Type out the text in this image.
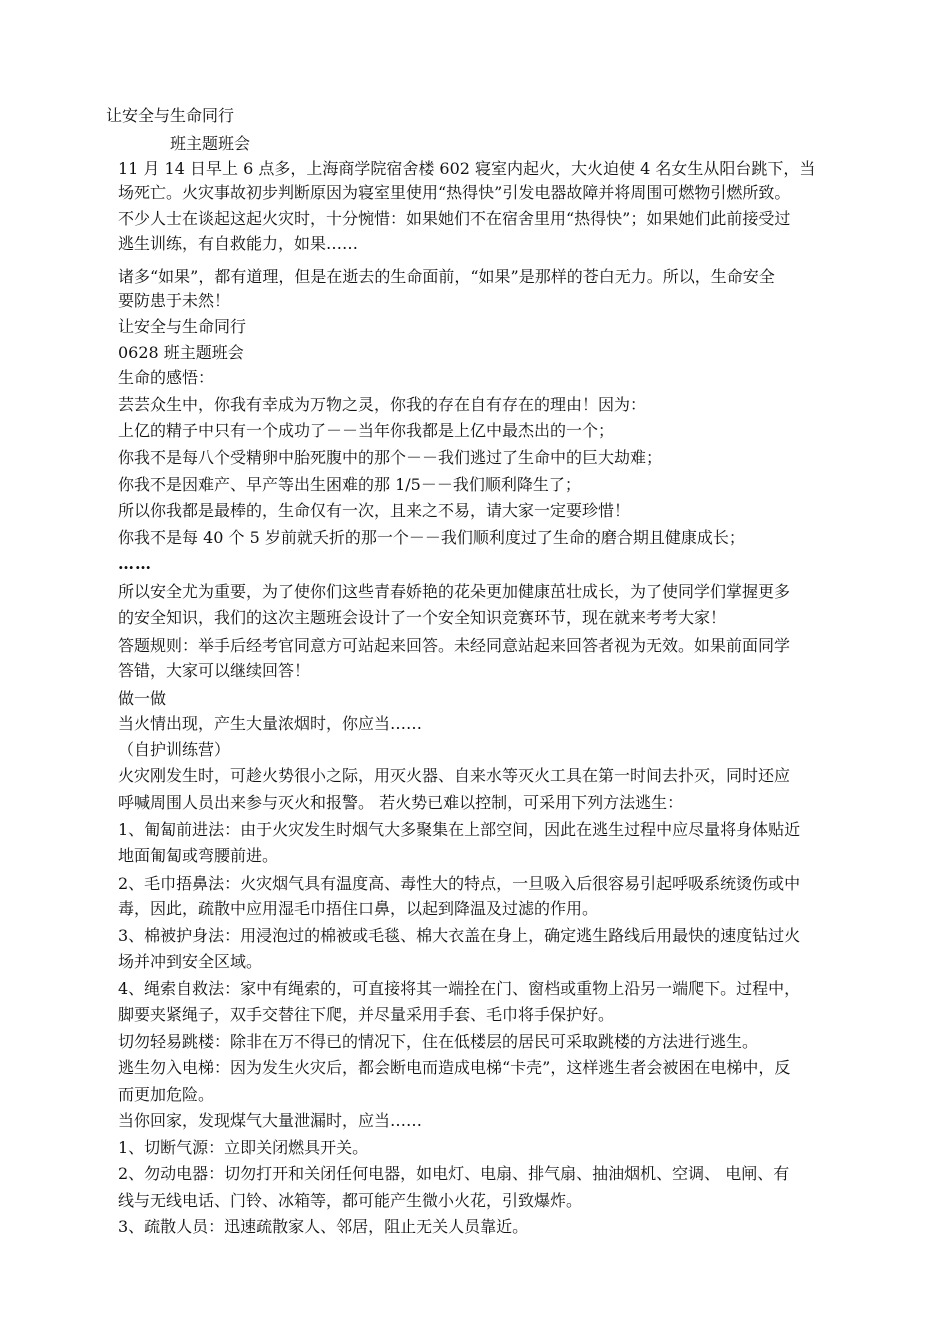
让安全与生命同行
班主题班会
11 月 14 日早上 6 点多，上海商学院宿舍楼 602 寝室内起火，大火迫使 4 名女生从阳台跳下，当
场死亡。火灾事故初步判断原因为寝室里使用“热得快”引发电器故障并将周围可燃物引燃所致。
不少人士在谈起这起火灾时，十分惋惜：如果她们不在宿舍里用“热得快”；如果她们此前接受过
逃生训练，有自救能力，如果……
诸多“如果”，都有道理，但是在逝去的生命面前，“如果”是那样的苍白无力。所以，生命安全
要防患于未然！
让安全与生命同行
0628 班主题班会
生命的感悟：
芸芸众生中，你我有幸成为万物之灵，你我的存在自有存在的理由！因为：
上亿的精子中只有一个成功了－－当年你我都是上亿中最杰出的一个；
你我不是每八个受精卵中胎死腹中的那个－－我们逃过了生命中的巨大劫难；
你我不是因难产、早产等出生困难的那 1/5－－我们顺利降生了；
所以你我都是最棒的，生命仅有一次，且来之不易，请大家一定要珍惜！
你我不是每 40 个 5 岁前就夭折的那一个－－我们顺利度过了生命的磨合期且健康成长；
……
所以安全尤为重要，为了使你们这些青春娇艳的花朵更加健康茁壮成长，为了使同学们掌握更多
的安全知识，我们的这次主题班会设计了一个安全知识竞赛环节，现在就来考考大家！
答题规则：举手后经考官同意方可站起来回答。未经同意站起来回答者视为无效。如果前面同学
答错，大家可以继续回答！
做一做
当火情出现，产生大量浓烟时，你应当……
（自护训练营）
火灾刚发生时，可趁火势很小之际，用灭火器、自来水等灭火工具在第一时间去扑灭，同时还应
呼喊周围人员出来参与灭火和报警。 若火势已难以控制，可采用下列方法逃生：
1、匍匐前进法：由于火灾发生时烟气大多聚集在上部空间，因此在逃生过程中应尽量将身体贴近
地面匍匐或弯腰前进。
2、毛巾捂鼻法：火灾烟气具有温度高、毒性大的特点，一旦吸入后很容易引起呼吸系统烫伤或中
毒，因此，疏散中应用湿毛巾捂住口鼻，以起到降温及过滤的作用。
3、棉被护身法：用浸泡过的棉被或毛毯、棉大衣盖在身上，确定逃生路线后用最快的速度钻过火
场并冲到安全区域。
4、绳索自救法：家中有绳索的，可直接将其一端拴在门、窗档或重物上沿另一端爬下。过程中，
脚要夹紧绳子，双手交替往下爬，并尽量采用手套、毛巾将手保护好。
切勿轻易跳楼：除非在万不得已的情况下，住在低楼层的居民可采取跳楼的方法进行逃生。
逃生勿入电梯：因为发生火灾后，都会断电而造成电梯“卡壳”，这样逃生者会被困在电梯中，反
而更加危险。
当你回家，发现煤气大量泄漏时，应当……
1、切断气源：立即关闭燃具开关。
2、勿动电器：切勿打开和关闭任何电器，如电灯、电扇、排气扇、抽油烟机、空调、 电闸、有
线与无线电话、门铃、冰箱等，都可能产生微小火花，引致爆炸。
3、疏散人员：迅速疏散家人、邻居，阻止无关人员靠近。
